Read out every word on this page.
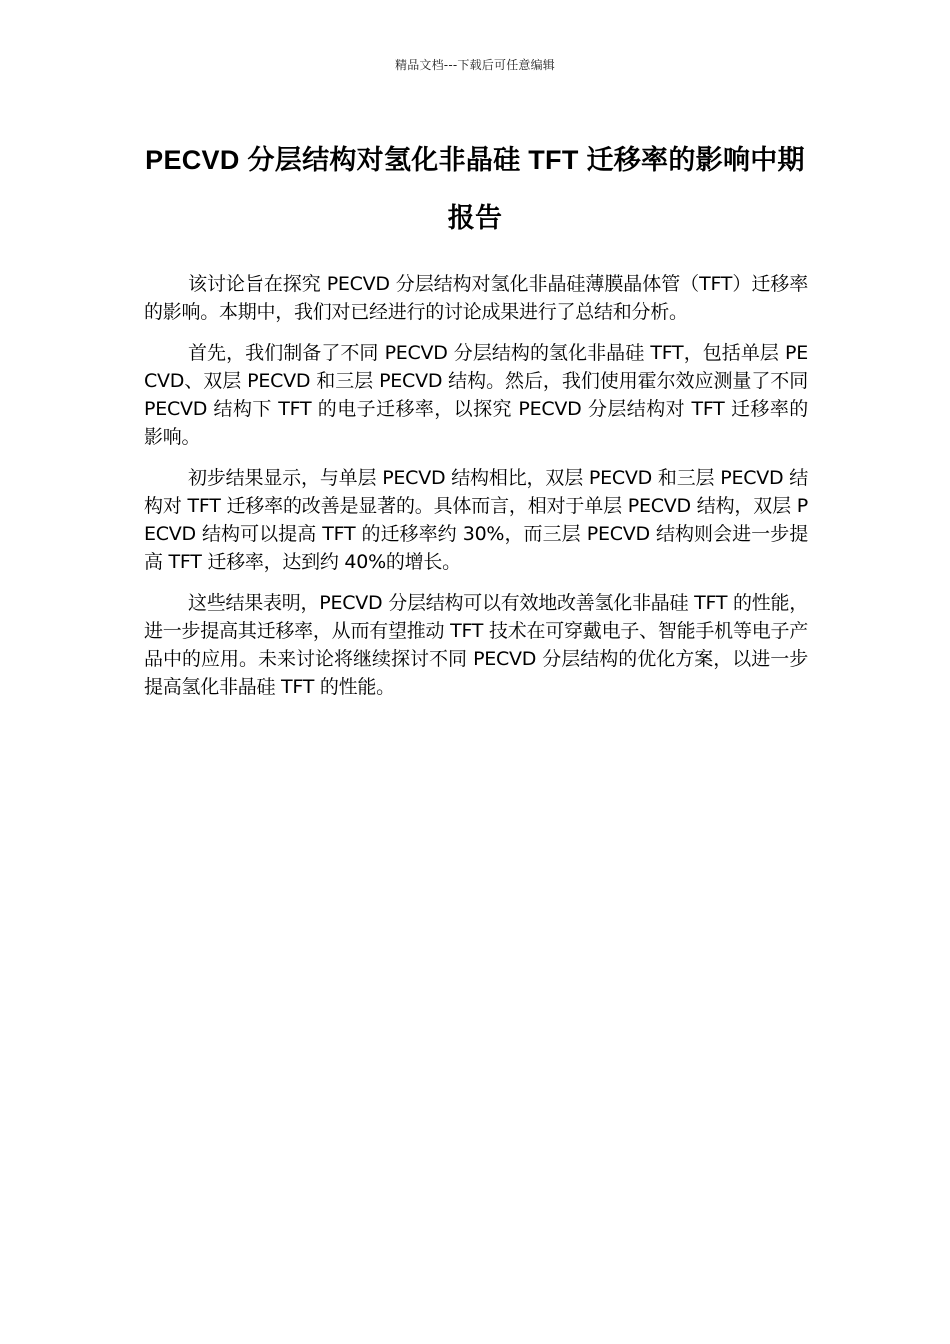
精品文档---下载后可任意编辑
PECVD 分层结构对氢化非晶硅 TFT 迁移率的影响中期报告

该讨论旨在探究 PECVD 分层结构对氢化非晶硅薄膜晶体管（TFT）迁移率的影响。本期中，我们对已经进行的讨论成果进行了总结和分析。

首先，我们制备了不同 PECVD 分层结构的氢化非晶硅 TFT，包括单层 PECVD、双层 PECVD 和三层 PECVD 结构。然后，我们使用霍尔效应测量了不同 PECVD 结构下 TFT 的电子迁移率，以探究 PECVD 分层结构对 TFT 迁移率的影响。

初步结果显示，与单层 PECVD 结构相比，双层 PECVD 和三层 PECVD 结构对 TFT 迁移率的改善是显著的。具体而言，相对于单层 PECVD 结构，双层 PECVD 结构可以提高 TFT 的迁移率约 30%，而三层 PECVD 结构则会进一步提高 TFT 迁移率，达到约 40%的增长。

这些结果表明，PECVD 分层结构可以有效地改善氢化非晶硅 TFT 的性能，进一步提高其迁移率，从而有望推动 TFT 技术在可穿戴电子、智能手机等电子产品中的应用。未来讨论将继续探讨不同 PECVD 分层结构的优化方案，以进一步提高氢化非晶硅 TFT 的性能。
